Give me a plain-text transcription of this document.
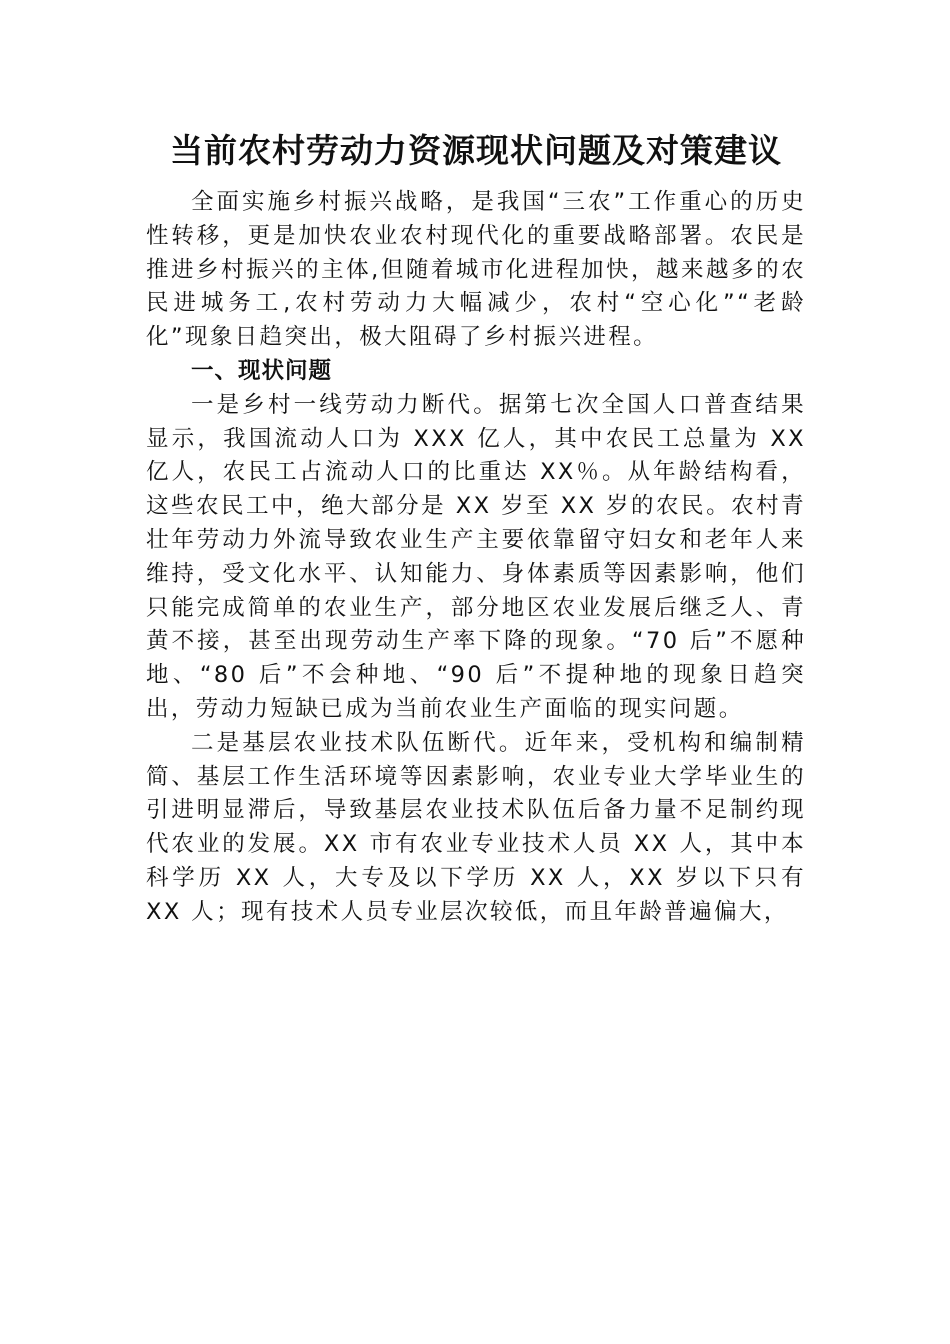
当前农村劳动力资源现状问题及对策建议

全面实施乡村振兴战略，是我国“三农”工作重心的历史性转移，更是加快农业农村现代化的重要战略部署。农民是推进乡村振兴的主体,但随着城市化进程加快，越来越多的农民进城务工,农村劳动力大幅减少，农村“空心化”“老龄化”现象日趋突出，极大阻碍了乡村振兴进程。

一、现状问题

一是乡村一线劳动力断代。据第七次全国人口普查结果显示，我国流动人口为 XXX 亿人，其中农民工总量为 XX 亿人，农民工占流动人口的比重达 XX％。从年龄结构看，这些农民工中，绝大部分是 XX 岁至 XX 岁的农民。农村青壮年劳动力外流导致农业生产主要依靠留守妇女和老年人来维持，受文化水平、认知能力、身体素质等因素影响，他们只能完成简单的农业生产，部分地区农业发展后继乏人、青黄不接，甚至出现劳动生产率下降的现象。“70 后”不愿种地、“80 后”不会种地、“90 后”不提种地的现象日趋突出，劳动力短缺已成为当前农业生产面临的现实问题。

二是基层农业技术队伍断代。近年来，受机构和编制精简、基层工作生活环境等因素影响，农业专业大学毕业生的引进明显滞后，导致基层农业技术队伍后备力量不足制约现代农业的发展。XX 市有农业专业技术人员 XX 人，其中本科学历 XX 人，大专及以下学历 XX 人，XX 岁以下只有 XX 人；现有技术人员专业层次较低，而且年龄普遍偏大，
